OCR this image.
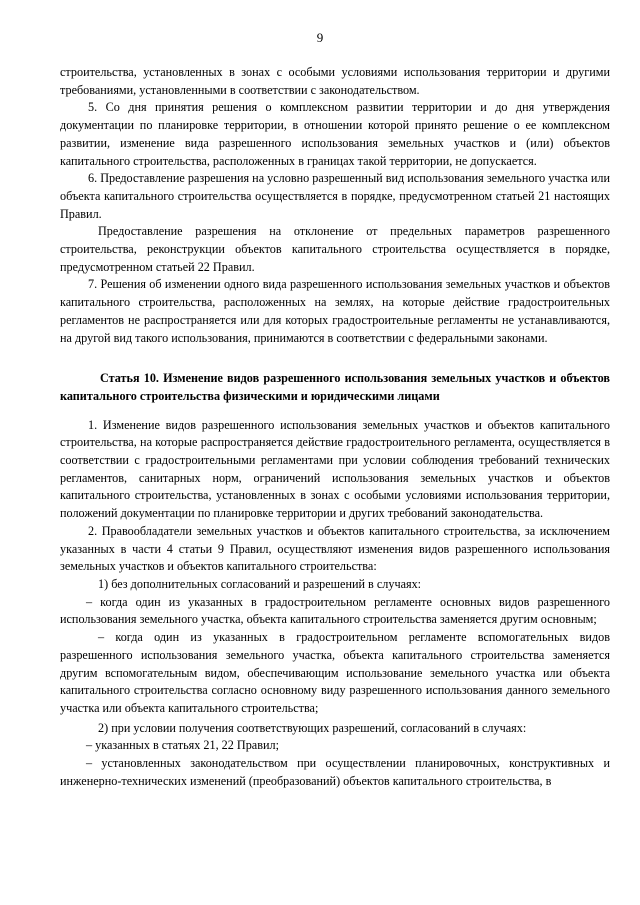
9

строительства, установленных в зонах с особыми условиями использования территории и другими требованиями, установленными в соответствии с законодательством.

5. Со дня принятия решения о комплексном развитии территории и до дня утверждения документации по планировке территории, в отношении которой принято решение о ее комплексном развитии, изменение вида разрешенного использования земельных участков и (или) объектов капитального строительства, расположенных в границах такой территории, не допускается.

6. Предоставление разрешения на условно разрешенный вид использования земельного участка или объекта капитального строительства осуществляется в порядке, предусмотренном статьей 21 настоящих Правил.

Предоставление разрешения на отклонение от предельных параметров разрешенного строительства, реконструкции объектов капитального строительства осуществляется в порядке, предусмотренном статьей 22 Правил.

7. Решения об изменении одного вида разрешенного использования земельных участков и объектов капитального строительства, расположенных на землях, на которые действие градостроительных регламентов не распространяется или для которых градостроительные регламенты не устанавливаются, на другой вид такого использования, принимаются в соответствии с федеральными законами.

Статья 10. Изменение видов разрешенного использования земельных участков и объектов капитального строительства физическими и юридическими лицами

1. Изменение видов разрешенного использования земельных участков и объектов капитального строительства, на которые распространяется действие градостроительного регламента, осуществляется в соответствии с градостроительными регламентами при условии соблюдения требований технических регламентов, санитарных норм, ограничений использования земельных участков и объектов капитального строительства, установленных в зонах с особыми условиями использования территории, положений документации по планировке территории и других требований законодательства.

2. Правообладатели земельных участков и объектов капитального строительства, за исключением указанных в части 4 статьи 9 Правил, осуществляют изменения видов разрешенного использования земельных участков и объектов капитального строительства:

1) без дополнительных согласований и разрешений в случаях:

– когда один из указанных в градостроительном регламенте основных видов разрешенного использования земельного участка, объекта капитального строительства заменяется другим основным;

– когда один из указанных в градостроительном регламенте вспомогательных видов разрешенного использования земельного участка, объекта капитального строительства заменяется другим вспомогательным видом, обеспечивающим использование земельного участка или объекта капитального строительства согласно основному виду разрешенного использования данного земельного участка или объекта капитального строительства;

2) при условии получения соответствующих разрешений, согласований в случаях:

– указанных в статьях 21, 22 Правил;

– установленных законодательством при осуществлении планировочных, конструктивных и инженерно-технических изменений (преобразований) объектов капитального строительства, в
